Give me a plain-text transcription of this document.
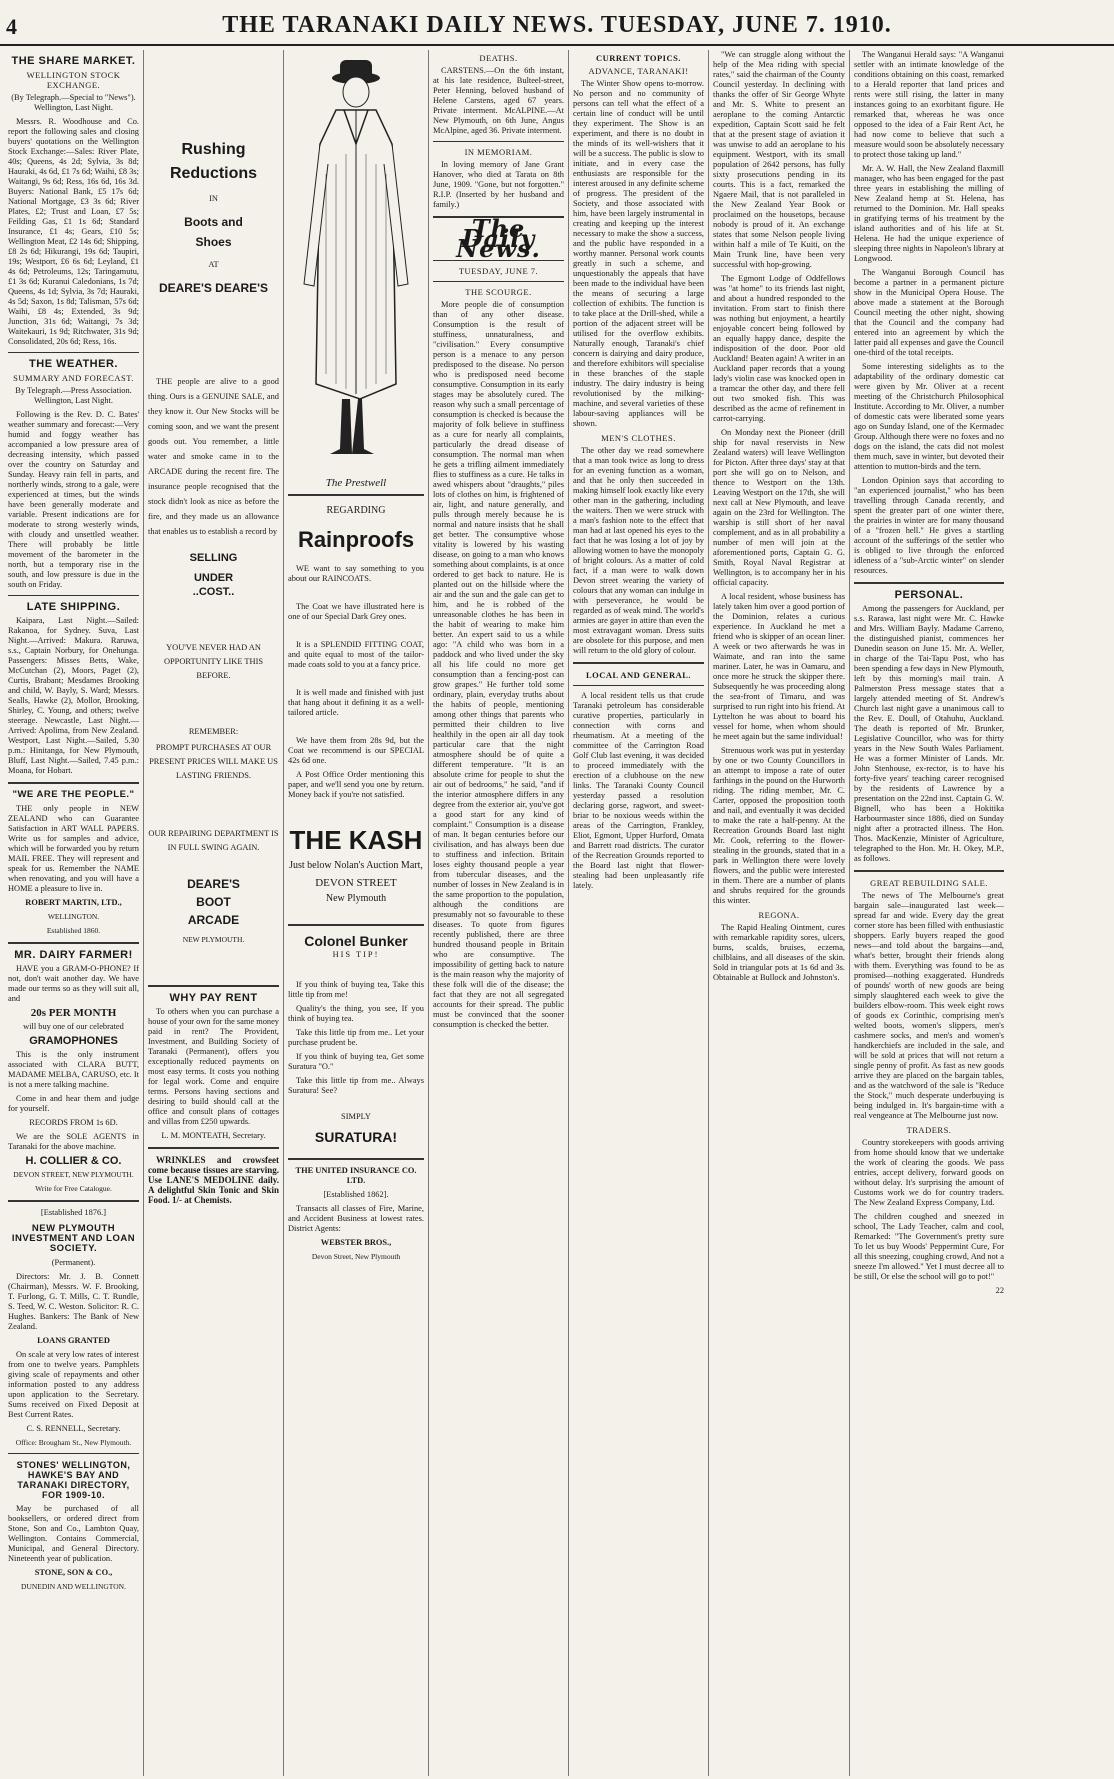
4	THE TARANAKI DAILY NEWS. TUESDAY, JUNE 7. 1910.
THE SHARE MARKET.
WELLINGTON STOCK EXCHANGE.

(By Telegraph.—Special to "News"). Wellington, Last Night.

Messrs. R. Woodhouse and Co. report the following sales and closing buyers' quotations on the Wellington Stock Exchange:—Sales: River Plate, 40s; Queens, 4s 2d; Sylvia, 3s 8d; Hauraki, 4s 6d, £1 7s 6d; Waihi, £8 3s; Waitangi, 9s 6d; Ress, 16s 6d, 16s 3d. Buyers: National Bank, £5 17s 6d; National Mortgage, £3 3s 6d; River Plates, £2; Trust and Loan, £7 5s; Feilding Gas, £1 1s 6d; Standard Insurance, £1 4s; Gears, £10 5s; Wellington Meat, £2 14s 6d; Shipping, £8 2s 6d; Hikurangi, 19s 6d; Taupiri, 19s; Westport, £6 6s 6d; Leyland, £1 4s 6d; Petroleums, 12s; Taringamutu, £1 3s 6d; Kuranui Caledonians, 1s 7d; Queens, 4s 1d; Sylvia, 3s 7d; Hauraki, 4s 5d; Saxon, 1s 8d; Talisman, 57s 6d; Waihi, £8 4s; Extended, 3s 9d; Junction, 31s 6d; Waitangi, 7s 3d; Waitekauri, 1s 9d; Ritchwater, 31s 9d; Consolidated, 20s 6d; Ress, 16s.

THE WEATHER.
SUMMARY AND FORECAST.

By Telegraph.—Press Association. Wellington, Last Night.

Following is the Rev. D. C. Bates' weather summary and forecast:—Very humid and foggy weather has accompanied a low pressure area of decreasing intensity, which passed over the country on Saturday and Sunday. Heavy rain fell in parts, and northerly winds, strong to a gale, were experienced at times, but the winds have been generally moderate and variable. Present indications are for moderate to strong westerly winds, with cloudy and unsettled weather. There will probably be little movement of the barometer in the north, but a temporary rise in the south, and low pressure is due in the south on Friday.

LATE SHIPPING.

Kaipara, Last Night.—Sailed: Rakanoa, for Sydney. Suva, Last Night.—Arrived: Makura. Raruwa, s.s., Captain Norbury, for Onehunga. Passengers: Misses Betts, Wake, McCutchan (2), Moors, Paget (2), Curtis, Brabant; Mesdames Brooking and child, W. Bayly, S. Ward; Messrs. Sealls, Hawke (2), Mollor, Brooking, Shirley, C. Young, and others; twelve steerage. Newcastle, Last Night.—Arrived: Apolima, from New Zealand. Westport, Last Night.—Sailed, 5.30 p.m.: Hinitanga, for New Plymouth, Bluff, Last Night.—Sailed, 7.45 p.m.: Moana, for Hobart.

"WE ARE THE PEOPLE."

THE only people in NEW ZEALAND who can Guarantee Satisfaction in ART WALL PAPERS. Write us for samples and advice, which will be forwarded you by return MAIL FREE. They will represent and speak for us. Remember the NAME when renovating, and you will have a HOME a pleasure to live in.

ROBERT MARTIN, LTD.,

WELLINGTON.

Established 1860.

MR. DAIRY FARMER!

HAVE you a GRAM-O-PHONE? If not, don't wait another day. We have made our terms so as they will suit all, and

20s PER MONTH

will buy one of our celebrated

GRAMOPHONES

This is the only instrument associated with CLARA BUTT, MADAME MELBA, CARUSO, etc. It is not a mere talking machine.

Come in and hear them and judge for yourself.

RECORDS FROM 1s 6D.

We are the SOLE AGENTS in Taranaki for the above machine.

H. COLLIER & CO.

DEVON STREET, NEW PLYMOUTH.

Write for Free Catalogue.

[Established 1876.]

NEW PLYMOUTH INVESTMENT AND LOAN SOCIETY.

(Permanent).

Directors: Mr. J. B. Connett (Chairman), Messrs. W. F. Brooking, T. Furlong, G. T. Mills, C. T. Rundle, S. Teed, W. C. Weston. Solicitor: R. C. Hughes. Bankers: The Bank of New Zealand.

LOANS GRANTED

On scale at very low rates of interest from one to twelve years. Pamphlets giving scale of repayments and other information posted to any address upon application to the Secretary. Sums received on Fixed Deposit at Best Current Rates.

C. S. RENNELL, Secretary.

Office: Brougham St., New Plymouth.

STONES' WELLINGTON, HAWKE'S BAY AND TARANAKI DIRECTORY, FOR 1909-10.

May be purchased of all booksellers, or ordered direct from Stone, Son and Co., Lambton Quay, Wellington. Contains Commercial, Municipal, and General Directory. Nineteenth year of publication.

STONE, SON & CO.,

DUNEDIN AND WELLINGTON.

Rushing

Reductions

IN

Boots and

Shoes

AT

DEARE'S DEARE'S

THE people are alive to a good thing. Ours is a GENUINE SALE, and they know it. Our New Stocks will be coming soon, and we want the present goods out. You remember, a little water and smoke came in to the ARCADE during the recent fire. The insurance people recognised that the stock didn't look as nice as before the fire, and they made us an allowance that enables us to establish a record by

SELLING

UNDER

..COST..

YOU'VE NEVER HAD AN OPPORTUNITY LIKE THIS BEFORE.

REMEMBER:

PROMPT PURCHASES AT OUR PRESENT PRICES WILL MAKE US LASTING FRIENDS.

OUR REPAIRING DEPARTMENT IS IN FULL SWING AGAIN.

DEARE'S

BOOT

ARCADE

NEW PLYMOUTH.

WHY PAY RENT

To others when you can purchase a house of your own for the same money paid in rent? The Provident, Investment, and Building Society of Taranaki (Permanent), offers you exceptionally reduced payments on most easy terms. It costs you nothing for legal work. Come and enquire terms. Persons having sections and desiring to build should call at the office and consult plans of cottages and villas from £250 upwards.

L. M. MONTEATH, Secretary.

WRINKLES and crowsfeet come because tissues are starving. Use LANE'S MEDOLINE daily. A delightful Skin Tonic and Skin Food. 1/- at Chemists.

The Prestwell

REGARDING

Rainproofs

WE want to say something to you about our RAINCOATS.

The Coat we have illustrated here is one of our Special Dark Grey ones.

It is a SPLENDID FITTING COAT, and quite equal to most of the tailor-made coats sold to you at a fancy price.

It is well made and finished with just that hang about it defining it as a well-tailored article.

We have them from 28s 9d, but the Coat we recommend is our SPECIAL 42s 6d one.

A Post Office Order mentioning this paper, and we'll send you one by return. Money back if you're not satisfied.

THE KASH

Just below Nolan's Auction Mart,

DEVON STREET

New Plymouth

Colonel Bunker

HIS TIP!

If you think of buying tea, Take this little tip from me!

Quality's the thing, you see, If you think of buying tea.

Take this little tip from me.. Let your purchase prudent be.

If you think of buying tea, Get some Suratura "O."

Take this little tip from me.. Always Suratura! See?

SIMPLY

SURATURA!

THE UNITED INSURANCE CO. LTD.

[Established 1862].

Transacts all classes of Fire, Marine, and Accident Business at lowest rates. District Agents:

WEBSTER BROS.,

Devon Street, New Plymouth

DEATHS.

CARSTENS.—On the 6th instant, at his late residence, Bulteel-street, Peter Henning, beloved husband of Helene Carstens, aged 67 years. Private interment. McALPINE.—At New Plymouth, on 6th June, Angus McAlpine, aged 36. Private interment.

IN MEMORIAM.

In loving memory of Jane Grant Hanover, who died at Tarata on 8th June, 1909. "Gone, but not forgotten." R.I.P. (Inserted by her husband and family.)

The Daily News.
TUESDAY, JUNE 7.
THE SCOURGE.

More people die of consumption than of any other disease. Consumption is the result of stuffiness, unnaturalness, and "civilisation." Every consumptive person is a menace to any person predisposed to the disease. No person who is predisposed need become consumptive. Consumption in its early stages may be absolutely cured. The reason why such a small percentage of consumption is checked is because the majority of folk believe in stuffiness as a cure for nearly all complaints, particularly the dread disease of consumption. The normal man when he gets a trifling ailment immediately flies to stuffiness as a cure. He talks in awed whispers about "draughts," piles lots of clothes on him, is frightened of air, light, and nature generally, and pulls through merely because he is normal and nature insists that he shall get better. The consumptive whose vitality is lowered by his wasting disease, on going to a man who knows something about complaints, is at once ordered to get back to nature. He is planted out on the hillside where the air and the sun and the gale can get to him, and he is robbed of the unreasonable clothes he has been in the habit of wearing to make him better. An expert said to us a while ago: "A child who was born in a paddock and who lived under the sky all his life could no more get consumption than a fencing-post can grow grapes." He further told some ordinary, plain, everyday truths about the habits of people, mentioning among other things that parents who permitted their children to live healthily in the open air all day took particular care that the night atmosphere should be of quite a different temperature. "It is an absolute crime for people to shut the air out of bedrooms," he said, "and if the interior atmosphere differs in any degree from the exterior air, you've got a good start for any kind of complaint." Consumption is a disease of man. It began centuries before our civilisation, and has always been due to stuffiness and infection. Britain loses eighty thousand people a year from tubercular diseases, and the number of losses in New Zealand is in the same proportion to the population, although the conditions are presumably not so favourable to these diseases. To quote from figures recently published, there are three hundred thousand people in Britain who are consumptive. The impossibility of getting back to nature is the main reason why the majority of these folk will die of the disease; the fact that they are not all segregated accounts for their spread. The public must be convinced that the sooner consumption is checked the better.

CURRENT TOPICS.
ADVANCE, TARANAKI!

The Winter Show opens to-morrow. No person and no community of persons can tell what the effect of a certain line of conduct will be until they experiment. The Show is an experiment, and there is no doubt in the minds of its well-wishers that it will be a success. The public is slow to initiate, and in every case the enthusiasts are responsible for the interest aroused in any definite scheme of progress. The president of the Society, and those associated with him, have been largely instrumental in creating and keeping up the interest necessary to make the show a success, and the public have responded in a worthy manner. Personal work counts greatly in such a scheme, and unquestionably the appeals that have been made to the individual have been the means of securing a large collection of exhibits. The function is to take place at the Drill-shed, while a portion of the adjacent street will be utilised for the overflow exhibits. Naturally enough, Taranaki's chief concern is dairying and dairy produce, and therefore exhibitors will specialise in these branches of the staple industry. The dairy industry is being revolutionised by the milking-machine, and several varieties of these labour-saving appliances will be shown.

MEN'S CLOTHES.

The other day we read somewhere that a man took twice as long to dress for an evening function as a woman, and that he only then succeeded in making himself look exactly like every other man in the gathering, including the waiters. Then we were struck with a man's fashion note to the effect that man had at last opened his eyes to the fact that he was losing a lot of joy by allowing women to have the monopoly of bright colours. As a matter of cold fact, if a man were to walk down Devon street wearing the variety of colours that any woman can indulge in with perseverance, he would be regarded as of weak mind. The world's armies are gayer in attire than even the most extravagant woman. Dress suits are obsolete for this purpose, and men will return to the old glory of colour.

LOCAL AND GENERAL.

A local resident tells us that crude Taranaki petroleum has considerable curative properties, particularly in connection with corns and rheumatism. At a meeting of the committee of the Carrington Road Golf Club last evening, it was decided to proceed immediately with the erection of a clubhouse on the new links. The Taranaki County Council yesterday passed a resolution declaring gorse, ragwort, and sweet-briar to be noxious weeds within the areas of the Carrington, Frankley, Eliot, Egmont, Upper Hurford, Omata and Barrett road districts. The curator of the Recreation Grounds reported to the Board last night that flower-stealing had been unpleasantly rife lately.

"We can struggle along without the help of the Mea riding with special rates," said the chairman of the County Council yesterday. In declining with thanks the offer of Sir George Whyte and Mr. S. White to present an aeroplane to the coming Antarctic expedition, Captain Scott said he felt that at the present stage of aviation it was unwise to add an aeroplane to his equipment. Westport, with its small population of 2642 persons, has fully sixty prosecutions pending in its courts. This is a fact, remarked the Ngaere Mail, that is not paralleled in the New Zealand Year Book or proclaimed on the housetops, because nobody is proud of it. An exchange states that some Nelson people living within half a mile of Te Kuiti, on the Main Trunk line, have been very successful with hop-growing.

The Egmont Lodge of Oddfellows was "at home" to its friends last night, and about a hundred responded to the invitation. From start to finish there was nothing but enjoyment, a heartily enjoyable concert being followed by an equally happy dance, despite the indisposition of the door. Poor old Auckland! Beaten again! A writer in an Auckland paper records that a young lady's violin case was knocked open in a tramcar the other day, and there fell out two smoked fish. This was described as the acme of refinement in carrot-carrying.

On Monday next the Pioneer (drill ship for naval reservists in New Zealand waters) will leave Wellington for Picton. After three days' stay at that port she will go on to Nelson, and thence to Westport on the 13th. Leaving Westport on the 17th, she will next call at New Plymouth, and leave again on the 23rd for Wellington. The warship is still short of her naval complement, and as in all probability a number of men will join at the aforementioned ports, Captain G. G. Smith, Royal Naval Registrar at Wellington, is to accompany her in his official capacity.

A local resident, whose business has lately taken him over a good portion of the Dominion, relates a curious experience. In Auckland he met a friend who is skipper of an ocean liner. A week or two afterwards he was in Waimate, and ran into the same mariner. Later, he was in Oamaru, and once more he struck the skipper there. Subsequently he was proceeding along the sea-front of Timaru, and was surprised to run right into his friend. At Lyttelton he was about to board his vessel for home, when whom should he meet again but the same individual!

Strenuous work was put in yesterday by one or two County Councillors in an attempt to impose a rate of outer farthings in the pound on the Hurworth riding. The riding member, Mr. C. Carter, opposed the proposition tooth and nail, and eventually it was decided to make the rate a half-penny. At the Recreation Grounds Board last night Mr. Cook, referring to the flower-stealing in the grounds, stated that in a park in Wellington there were lovely flowers, and the public were interested in them. There are a number of plants and shrubs required for the grounds this winter.

REGONA.

The Rapid Healing Ointment, cures with remarkable rapidity sores, ulcers, burns, scalds, bruises, eczema, chilblains, and all diseases of the skin. Sold in triangular pots at 1s 6d and 3s. Obtainable at Bullock and Johnston's.

The Wanganui Herald says: "A Wanganui settler with an intimate knowledge of the conditions obtaining on this coast, remarked to a Herald reporter that land prices and rents were still rising, the latter in many instances going to an exorbitant figure. He remarked that, whereas he was once opposed to the idea of a Fair Rent Act, he had now come to believe that such a measure would soon be absolutely necessary to protect those taking up land."

Mr. A. W. Hall, the New Zealand flaxmill manager, who has been engaged for the past three years in establishing the milling of New Zealand hemp at St. Helena, has returned to the Dominion. Mr. Hall speaks in gratifying terms of his treatment by the island authorities and of his life at St. Helena. He had the unique experience of sleeping three nights in Napoleon's library at Longwood.

The Wanganui Borough Council has become a partner in a permanent picture show in the Municipal Opera House. The above made a statement at the Borough Council meeting the other night, showing that the Council and the company had entered into an agreement by which the latter paid all expenses and gave the Council one-third of the total receipts.

Some interesting sidelights as to the adaptability of the ordinary domestic cat were given by Mr. Oliver at a recent meeting of the Christchurch Philosophical Institute. According to Mr. Oliver, a number of domestic cats were liberated some years ago on Sunday Island, one of the Kermadec Group. Although there were no foxes and no dogs on the island, the cats did not molest them much, save in winter, but devoted their attention to mutton-birds and the tern.

London Opinion says that according to "an experienced journalist," who has been travelling through Canada recently, and spent the greater part of one winter there, the prairies in winter are for many thousand of a "frozen hell." He gives a startling account of the sufferings of the settler who is obliged to live through the enforced idleness of a "sub-Arctic winter" on slender resources.

PERSONAL.

Among the passengers for Auckland, per s.s. Rarawa, last night were Mr. C. Hawke and Mrs. William Bayly. Madame Carreno, the distinguished pianist, commences her Dunedin season on June 15. Mr. A. Weller, in charge of the Tai-Tapu Post, who has been spending a few days in New Plymouth, left by this morning's mail train. A Palmerston Press message states that a largely attended meeting of St. Andrew's Church last night gave a unanimous call to the Rev. E. Doull, of Otahuhu, Auckland. The death is reported of Mr. Brunker, Legislative Councillor, who was for thirty years in the New South Wales Parliament. He was a former Minister of Lands. Mr. John Stenhouse, ex-rector, is to have his forty-five years' teaching career recognised by the residents of Lawrence by a presentation on the 22nd inst. Captain G. W. Bignell, who has been a Hokitika Harbourmaster since 1886, died on Sunday night after a protracted illness. The Hon. Thos. MacKenzie, Minister of Agriculture, telegraphed to the Hon. Mr. H. Okey, M.P., as follows.

GREAT REBUILDING SALE.

The news of The Melbourne's great bargain sale—inaugurated last week—spread far and wide. Every day the great corner store has been filled with enthusiastic shoppers. Early buyers reaped the good news—and told about the bargains—and, what's better, brought their friends along with them. Everything was found to be as promised—nothing exaggerated. Hundreds of pounds' worth of new goods are being simply slaughtered each week to give the builders elbow-room. This week eight rows of goods ex Corinthic, comprising men's welted boots, women's slippers, men's cashmere socks, and men's and women's handkerchiefs are included in the sale, and will be sold at prices that will not return a single penny of profit. As fast as new goods arrive they are placed on the bargain tables, and as the watchword of the sale is "Reduce the Stock," much desperate underbuying is being indulged in. It's bargain-time with a real vengeance at The Melbourne just now.

TRADERS.

Country storekeepers with goods arriving from home should know that we undertake the work of clearing the goods. We pass entries, accept delivery, forward goods on without delay. It's surprising the amount of Customs work we do for country traders. The New Zealand Express Company, Ltd.

The children coughed and sneezed in school, The Lady Teacher, calm and cool, Remarked: "The Government's pretty sure To let us buy Woods' Peppermint Cure, For all this sneezing, coughing crowd, And not a sneeze I'm allowed." Yet I must decree all to be still, Or else the school will go to pot!"

22
